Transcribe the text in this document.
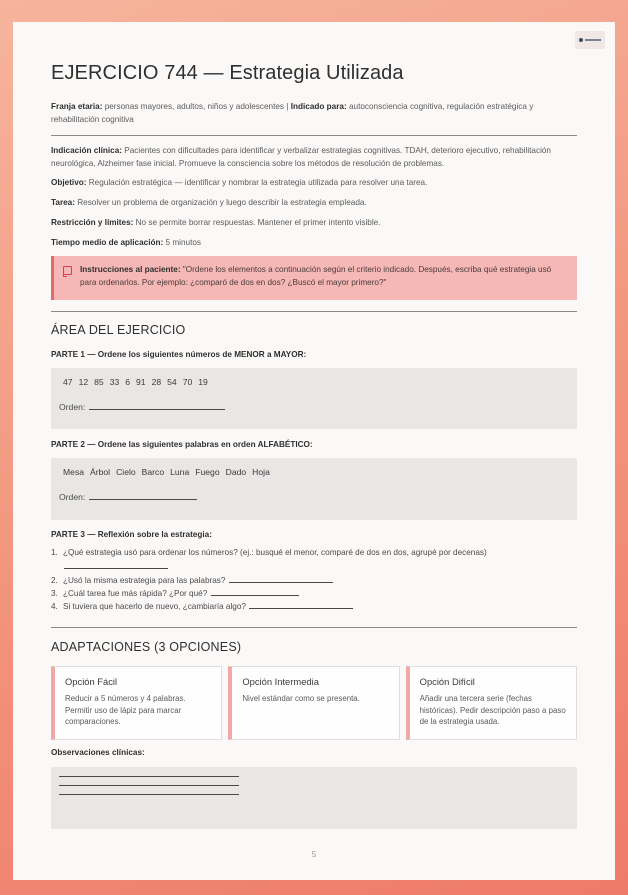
EJERCICIO 744 — Estrategia Utilizada
Franja etaria: personas mayores, adultos, niños y adolescentes | Indicado para: autoconsciencia cognitiva, regulación estratégica y rehabilitación cognitiva
Indicación clínica: Pacientes con dificultades para identificar y verbalizar estrategias cognitivas. TDAH, deterioro ejecutivo, rehabilitación neurológica, Alzheimer fase inicial. Promueve la consciencia sobre los métodos de resolución de problemas.
Objetivo: Regulación estratégica — identificar y nombrar la estrategia utilizada para resolver una tarea.
Tarea: Resolver un problema de organización y luego describir la estrategia empleada.
Restricción y límites: No se permite borrar respuestas. Mantener el primer intento visible.
Tiempo medio de aplicación: 5 minutos
Instrucciones al paciente: "Ordene los elementos a continuación según el criterio indicado. Después, escriba qué estrategia usó para ordenarlos. Por ejemplo: ¿comparó de dos en dos? ¿Buscó el mayor primero?"
ÁREA DEL EJERCICIO
PARTE 1 — Ordene los siguientes números de MENOR a MAYOR:
47 12 85 33 6 91 28 54 70 19
Orden:
PARTE 2 — Ordene las siguientes palabras en orden ALFABÉTICO:
Mesa Árbol Cielo Barco Luna Fuego Dado Hoja
Orden:
PARTE 3 — Reflexión sobre la estrategia:
1. ¿Qué estrategia usó para ordenar los números? (ej.: busqué el menor, comparé de dos en dos, agrupé por decenas)
2. ¿Usó la misma estrategia para las palabras?
3. ¿Cuál tarea fue más rápida? ¿Por qué?
4. Si tuviera que hacerlo de nuevo, ¿cambiaría algo?
ADAPTACIONES (3 OPCIONES)
Opción Fácil
Reducir a 5 números y 4 palabras. Permitir uso de lápiz para marcar comparaciones.
Opción Intermedia
Nivel estándar como se presenta.
Opción Difícil
Añadir una tercera serie (fechas históricas). Pedir descripción paso a paso de la estrategia usada.
Observaciones clínicas:
5
